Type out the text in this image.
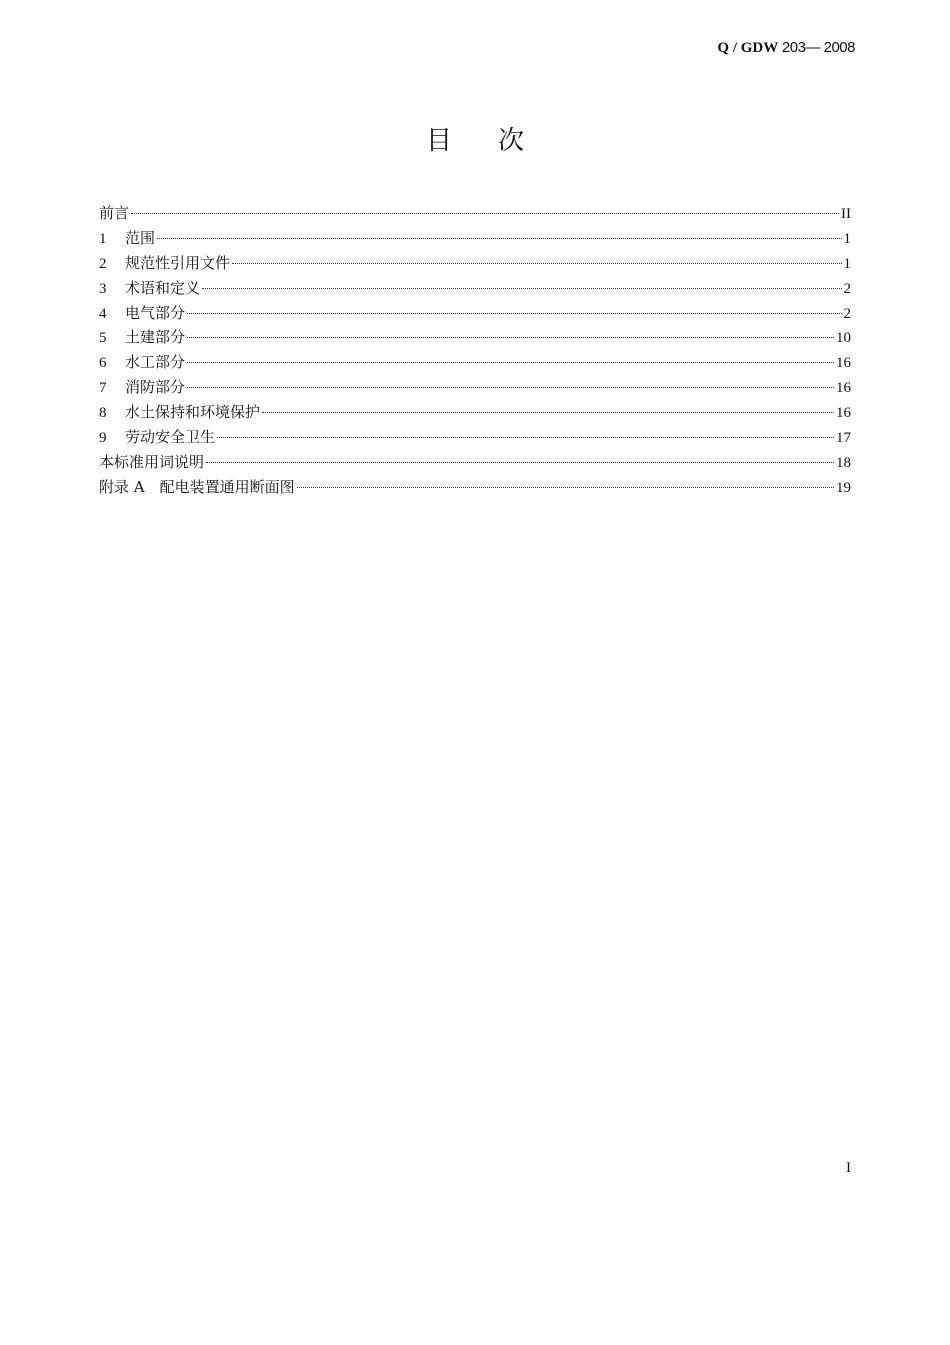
Q / GDW 203— 2008
目次
前言	II
1	范围	1
2	规范性引用文件	1
3	术语和定义	2
4	电气部分	2
5	土建部分	10
6	水工部分	16
7	消防部分	16
8	水土保持和环境保护	16
9	劳动安全卫生	17
本标准用词说明	18
附录 A　配电装置通用断面图	19
I
